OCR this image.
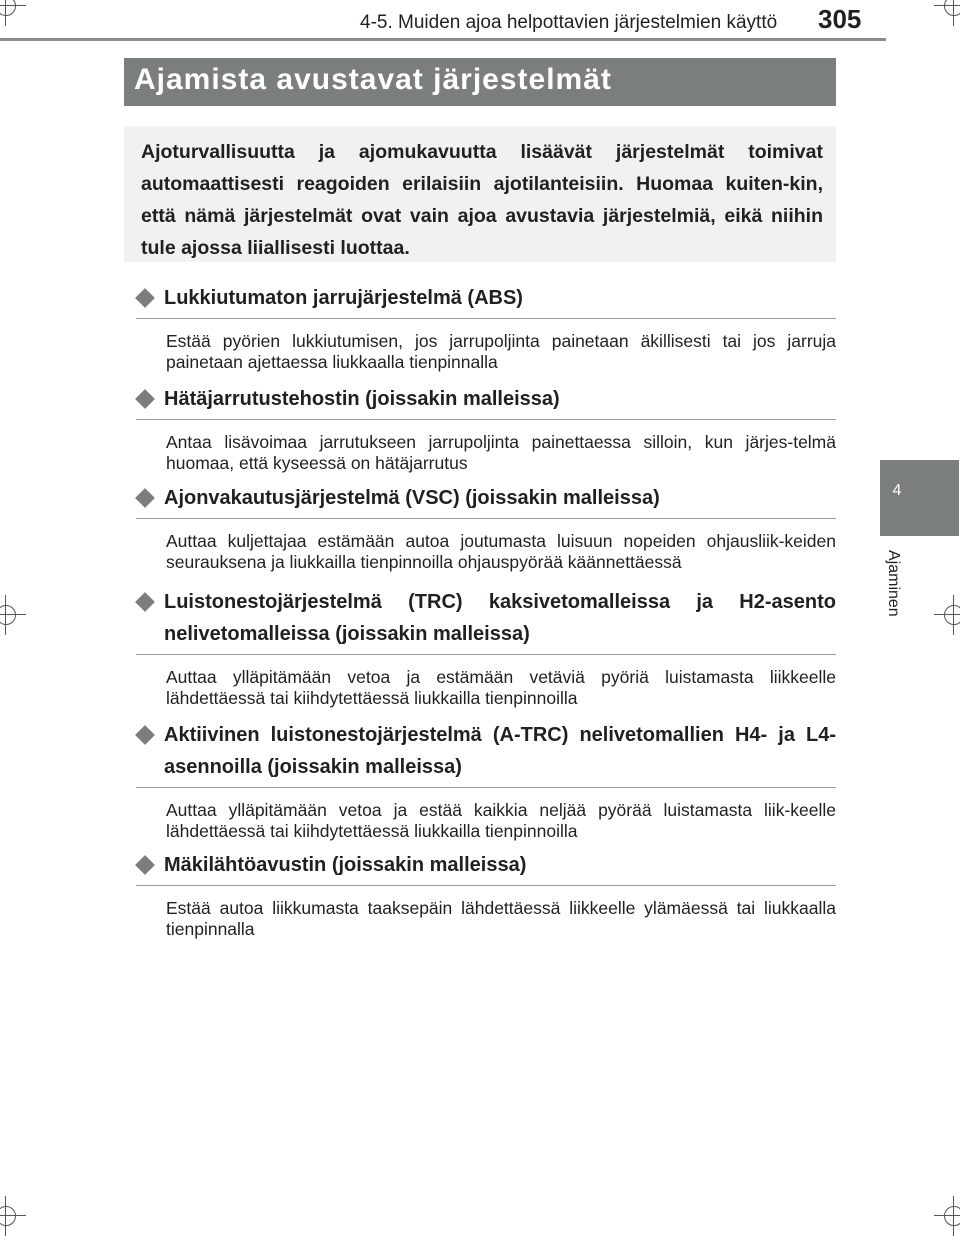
4-5. Muiden ajoa helpottavien järjestelmien käyttö 305
4
Ajaminen
Ajamista avustavat järjestelmät

Ajoturvallisuutta ja ajomukavuutta lisäävät järjestelmät toimivat automaattisesti reagoiden erilaisiin ajotilanteisiin. Huomaa kuiten-kin, että nämä järjestelmät ovat vain ajoa avustavia järjestelmiä, eikä niihin tule ajossa liiallisesti luottaa.

Lukkiutumaton jarrujärjestelmä (ABS)
Estää pyörien lukkiutumisen, jos jarrupoljinta painetaan äkillisesti tai jos jarruja painetaan ajettaessa liukkaalla tienpinnalla
Hätäjarrutustehostin (joissakin malleissa)
Antaa lisävoimaa jarrutukseen jarrupoljinta painettaessa silloin, kun järjes-telmä huomaa, että kyseessä on hätäjarrutus
Ajonvakautusjärjestelmä (VSC) (joissakin malleissa)
Auttaa kuljettajaa estämään autoa joutumasta luisuun nopeiden ohjausliik-keiden seurauksena ja liukkailla tienpinnoilla ohjauspyörää käännettäessä
Luistonestojärjestelmä (TRC) kaksivetomalleissa ja H2-asento nelivetomalleissa (joissakin malleissa)
Auttaa ylläpitämään vetoa ja estämään vetäviä pyöriä luistamasta liikkeelle lähdettäessä tai kiihdytettäessä liukkailla tienpinnoilla
Aktiivinen luistonestojärjestelmä (A-TRC) nelivetomallien H4- ja L4-asennoilla (joissakin malleissa)
Auttaa ylläpitämään vetoa ja estää kaikkia neljää pyörää luistamasta liik-keelle lähdettäessä tai kiihdytettäessä liukkailla tienpinnoilla
Mäkilähtöavustin (joissakin malleissa)
Estää autoa liikkumasta taaksepäin lähdettäessä liikkeelle ylämäessä tai liukkaalla tienpinnalla
